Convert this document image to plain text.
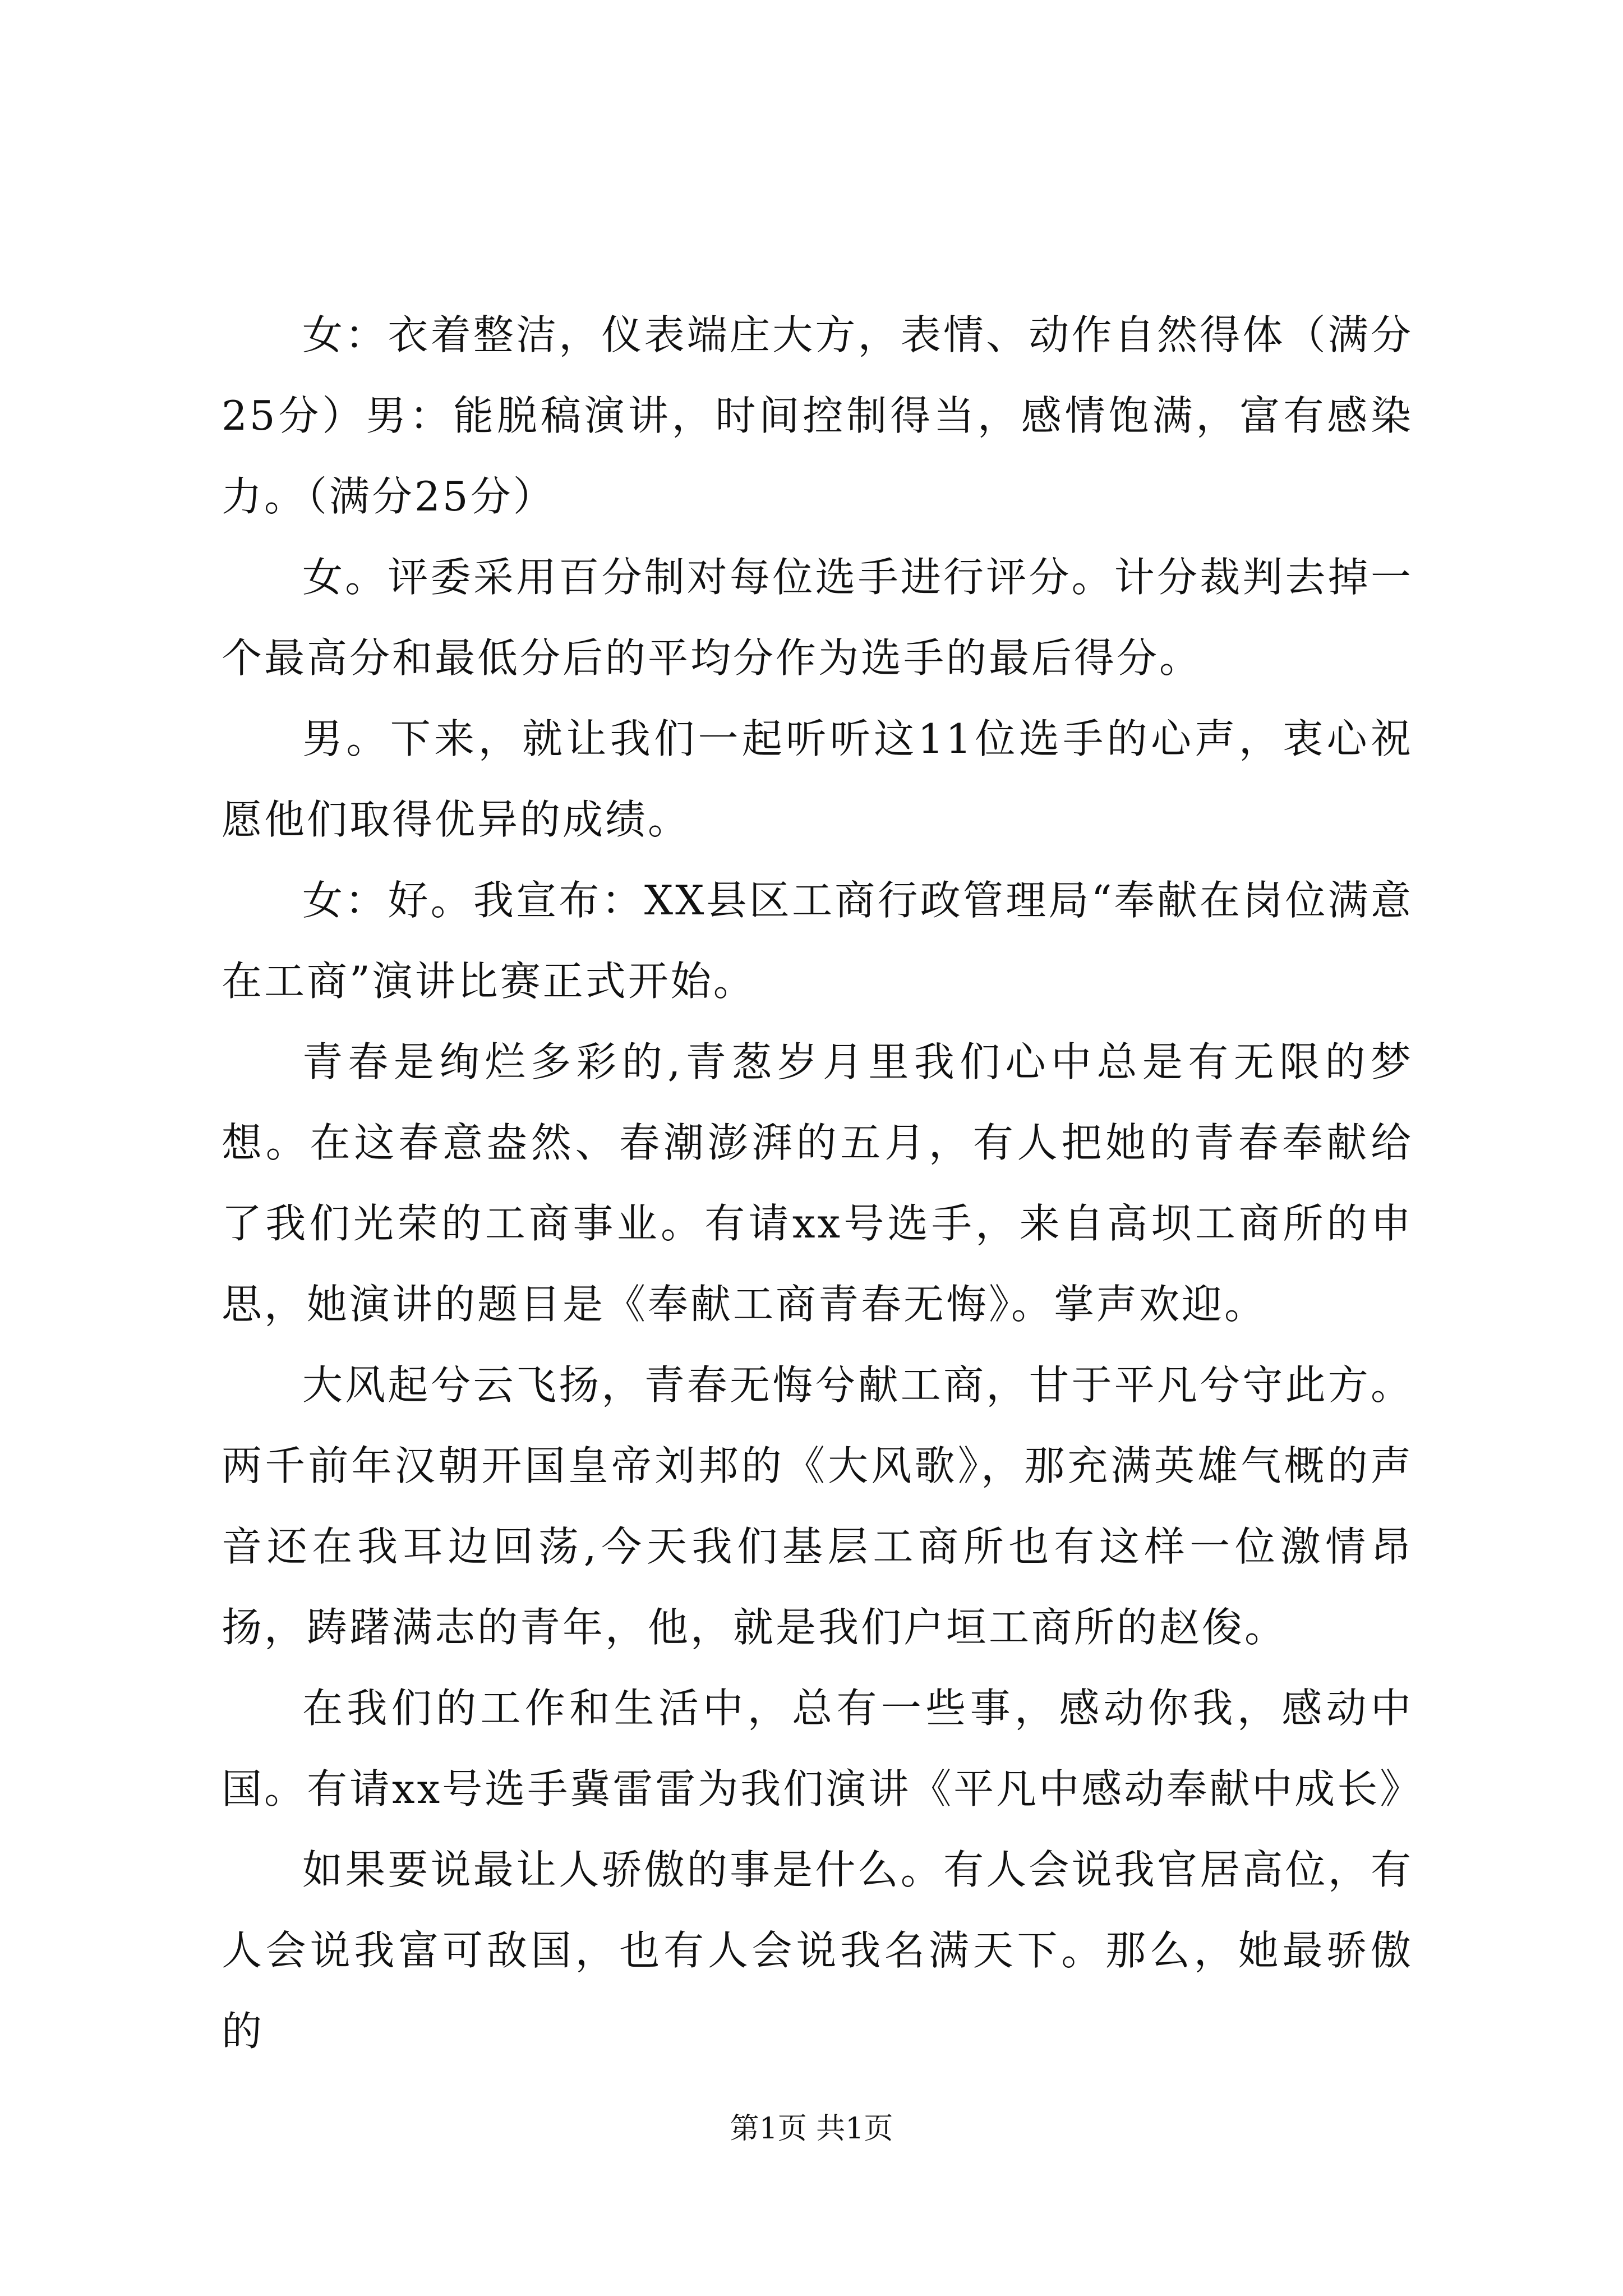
女：衣着整洁，仪表端庄大方，表情、动作自然得体（满分25分）男：能脱稿演讲，时间控制得当，感情饱满，富有感染力。（满分25分）

女。评委采用百分制对每位选手进行评分。计分裁判去掉一个最高分和最低分后的平均分作为选手的最后得分。

男。下来，就让我们一起听听这11位选手的心声，衷心祝愿他们取得优异的成绩。

女：好。我宣布：XX县区工商行政管理局“奉献在岗位满意在工商”演讲比赛正式开始。

青春是绚烂多彩的,青葱岁月里我们心中总是有无限的梦想。在这春意盎然、春潮澎湃的五月，有人把她的青春奉献给了我们光荣的工商事业。有请xx号选手，来自高坝工商所的申思，她演讲的题目是《奉献工商青春无悔》。掌声欢迎。

大风起兮云飞扬，青春无悔兮献工商，甘于平凡兮守此方。两千前年汉朝开国皇帝刘邦的《大风歌》，那充满英雄气概的声音还在我耳边回荡,今天我们基层工商所也有这样一位激情昂扬，踌躇满志的青年，他，就是我们户垣工商所的赵俊。

在我们的工作和生活中，总有一些事，感动你我，感动中国。有请xx号选手冀雷雷为我们演讲《平凡中感动奉献中成长》

如果要说最让人骄傲的事是什么。有人会说我官居高位，有人会说我富可敌国，也有人会说我名满天下。那么，她最骄傲的

第1页 共1页
